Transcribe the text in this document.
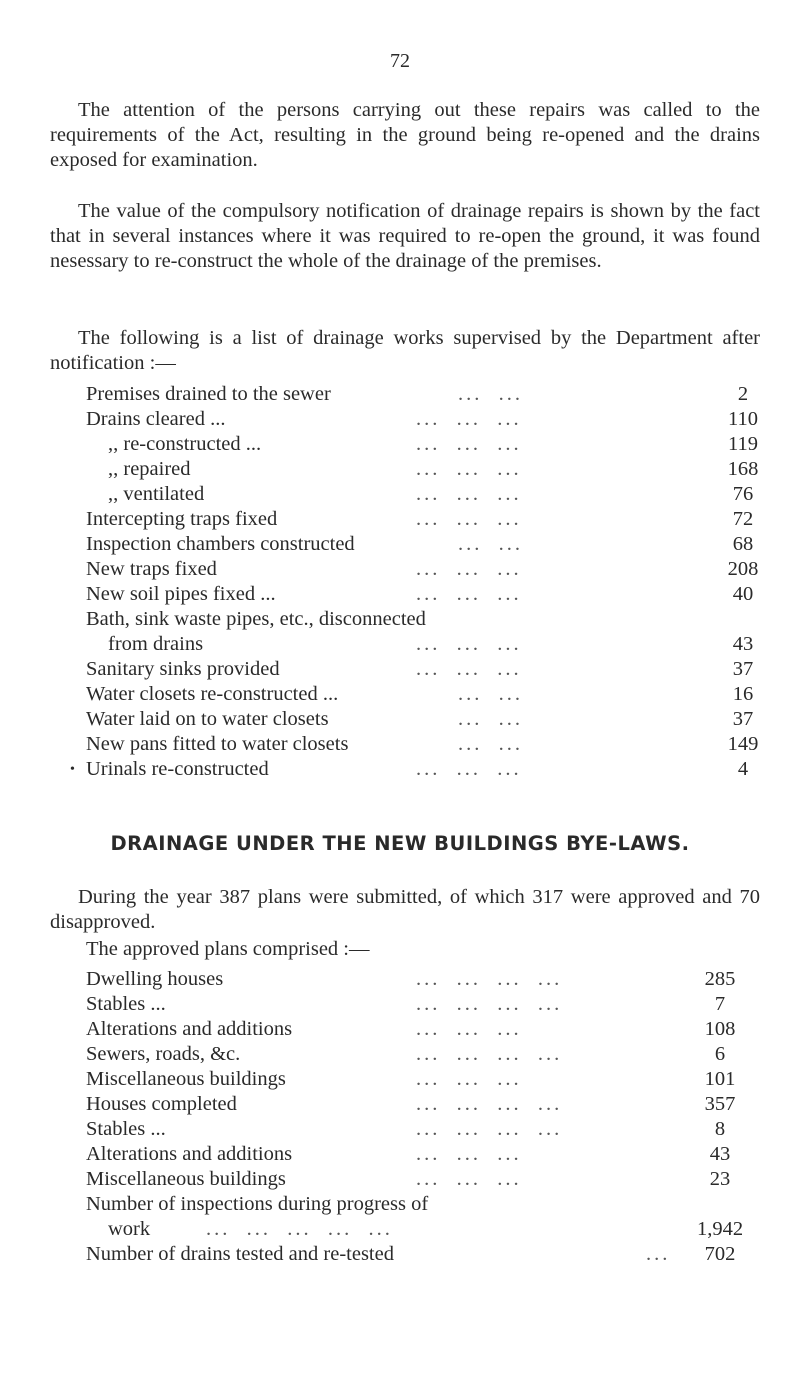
72

The attention of the persons carrying out these repairs was called to the requirements of the Act, resulting in the ground being re-opened and the drains exposed for examination.

The value of the compulsory notification of drainage repairs is shown by the fact that in several instances where it was required to re-open the ground, it was found nesessary to re-construct the whole of the drainage of the premises.

The following is a list of drainage works supervised by the Department after notification :—

Premises drained to the sewer	...  ...	2
Drains cleared ...	...  ...  ...	110
,, re-constructed ...	...  ...  ...	119
,, repaired	...  ...  ...	168
,, ventilated	...  ...  ...	76
Intercepting traps fixed	...  ...  ...	72
Inspection chambers constructed	...  ...	68
New traps fixed	...  ...  ...	208
New soil pipes fixed ...	...  ...  ...	40
Bath, sink waste pipes, etc., disconnected
from drains	...  ...  ...	43
Sanitary sinks provided	...  ...  ...	37
Water closets re-constructed ...	...  ...	16
Water laid on to water closets	...  ...	37
New pans fitted to water closets	...  ...	149
• Urinals re-constructed	...  ...  ...	4
DRAINAGE UNDER THE NEW BUILDINGS BYE-LAWS.

During the year 387 plans were submitted, of which 317 were approved and 70 disapproved.

The approved plans comprised :—
Dwelling houses	...  ...  ...  ...	285
Stables ...	...  ...  ...  ...	7
Alterations and additions	...  ...  ...	108
Sewers, roads, &c.	...  ...  ...  ...	6
Miscellaneous buildings	...  ...  ...	101
Houses completed	...  ...  ...  ...	357
Stables ...	...  ...  ...  ...	8
Alterations and additions	...  ...  ...	43
Miscellaneous buildings	...  ...  ...	23
Number of inspections during progress of
work	...  ...  ...  ...  ...	1,942
Number of drains tested and re-tested	...	702
